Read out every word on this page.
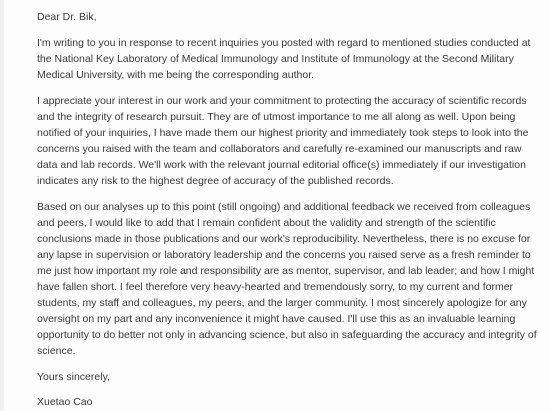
Dear Dr. Bik,

I'm writing to you in response to recent inquiries you posted with regard to mentioned studies conducted at the National Key Laboratory of Medical Immunology and Institute of Immunology at the Second Military Medical University, with me being the corresponding author.

I appreciate your interest in our work and your commitment to protecting the accuracy of scientific records and the integrity of research pursuit. They are of utmost importance to me all along as well. Upon being notified of your inquiries, I have made them our highest priority and immediately took steps to look into the concerns you raised with the team and collaborators and carefully re-examined our manuscripts and raw data and lab records. We'll work with the relevant journal editorial office(s) immediately if our investigation indicates any risk to the highest degree of accuracy of the published records.

Based on our analyses up to this point (still ongoing) and additional feedback we received from colleagues and peers, I would like to add that I remain confident about the validity and strength of the scientific conclusions made in those publications and our work's reproducibility. Nevertheless, there is no excuse for any lapse in supervision or laboratory leadership and the concerns you raised serve as a fresh reminder to me just how important my role and responsibility are as mentor, supervisor, and lab leader; and how I might have fallen short. I feel therefore very heavy-hearted and tremendously sorry, to my current and former students, my staff and colleagues, my peers, and the larger community. I most sincerely apologize for any oversight on my part and any inconvenience it might have caused. I'll use this as an invaluable learning opportunity to do better not only in advancing science, but also in safeguarding the accuracy and integrity of science.

Yours sincerely,

Xuetao Cao
